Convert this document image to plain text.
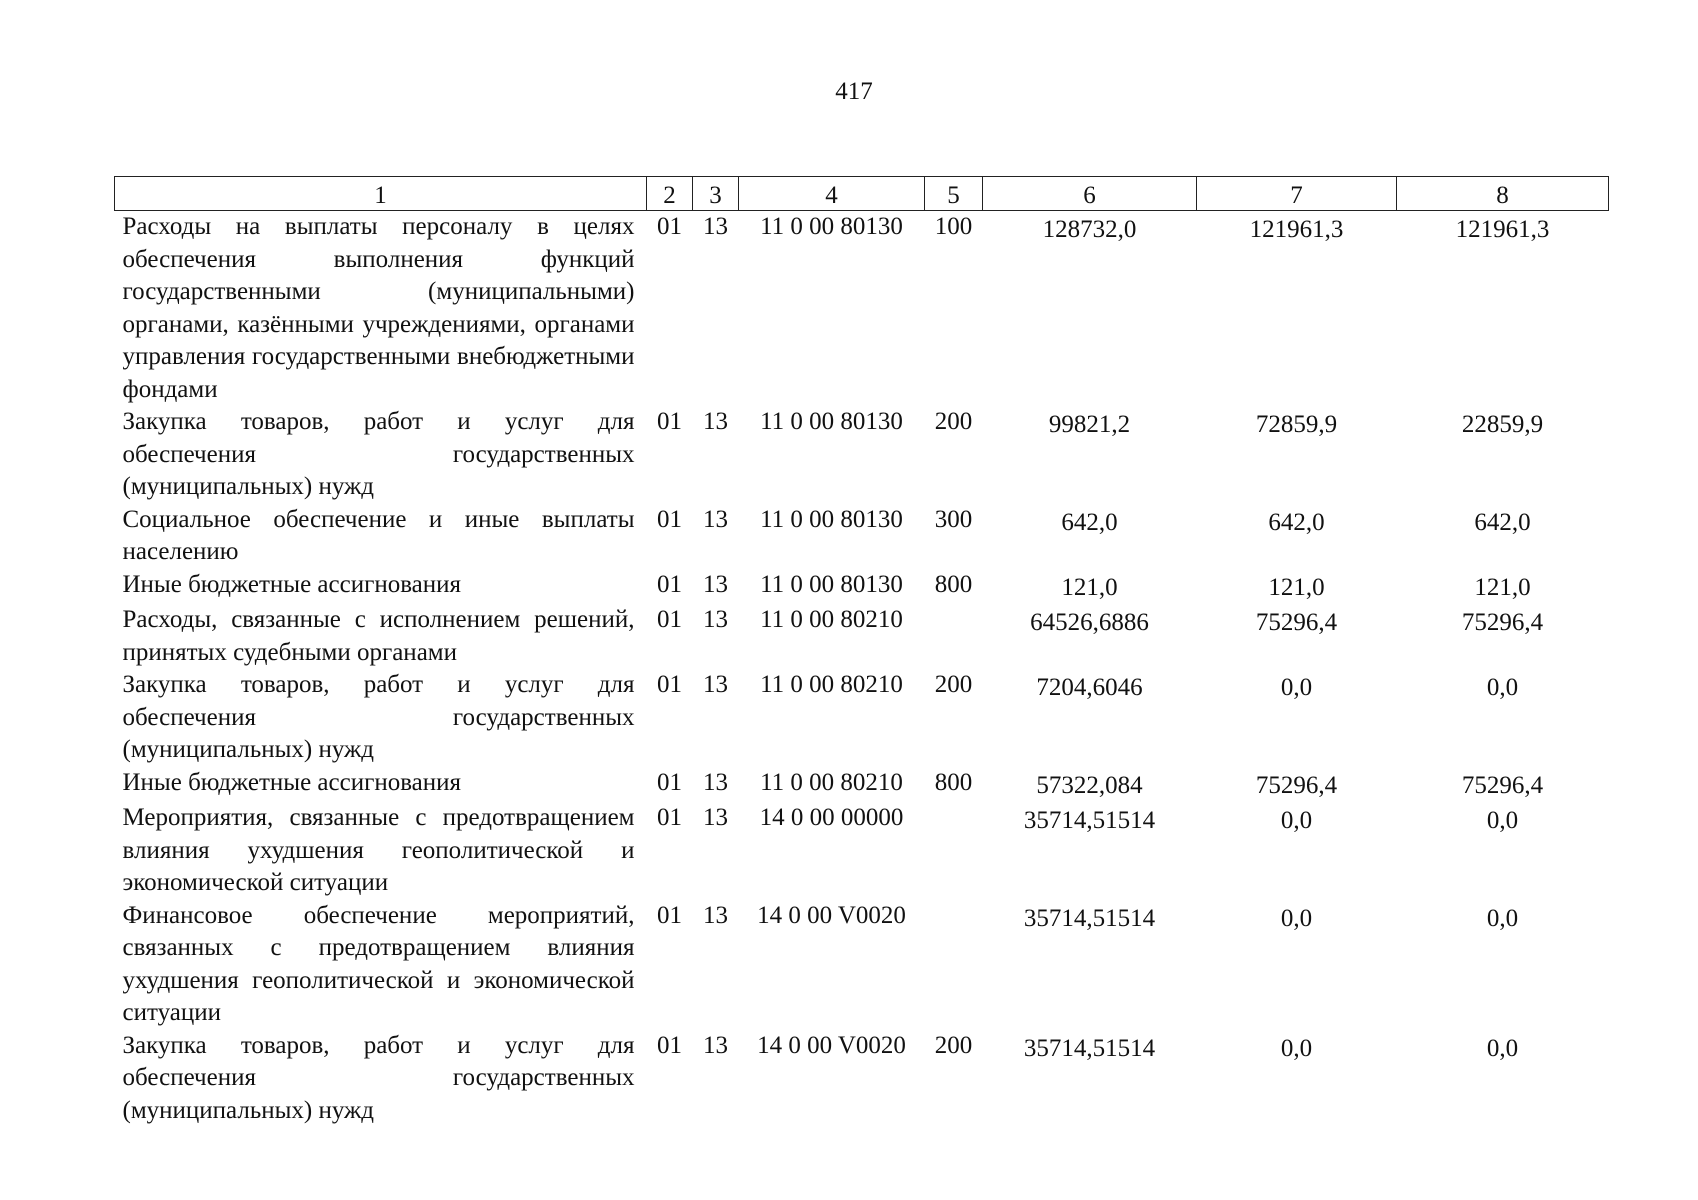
417
1	2	3	4	5	6	7	8
Расходы на выплаты персоналу в целях обеспечения выполнения функций государственными (муниципальными) органами, казёнными учреждениями, органами управления государственными внебюджетными фондами	01	13	11 0 00 80130	100	128732,0	121961,3	121961,3
Закупка товаров, работ и услуг для обеспечения государственных (муниципальных) нужд	01	13	11 0 00 80130	200	99821,2	72859,9	22859,9
Социальное обеспечение и иные выплаты населению	01	13	11 0 00 80130	300	642,0	642,0	642,0
Иные бюджетные ассигнования	01	13	11 0 00 80130	800	121,0	121,0	121,0
Расходы, связанные с исполнением решений, принятых судебными органами	01	13	11 0 00 80210		64526,6886	75296,4	75296,4
Закупка товаров, работ и услуг для обеспечения государственных (муниципальных) нужд	01	13	11 0 00 80210	200	7204,6046	0,0	0,0
Иные бюджетные ассигнования	01	13	11 0 00 80210	800	57322,084	75296,4	75296,4
Мероприятия, связанные с предотвращением влияния ухудшения геополитической и экономической ситуации	01	13	14 0 00 00000		35714,51514	0,0	0,0
Финансовое обеспечение мероприятий, связанных с предотвращением влияния ухудшения геополитической и экономической ситуации	01	13	14 0 00 V0020		35714,51514	0,0	0,0
Закупка товаров, работ и услуг для обеспечения государственных (муниципальных) нужд	01	13	14 0 00 V0020	200	35714,51514	0,0	0,0
